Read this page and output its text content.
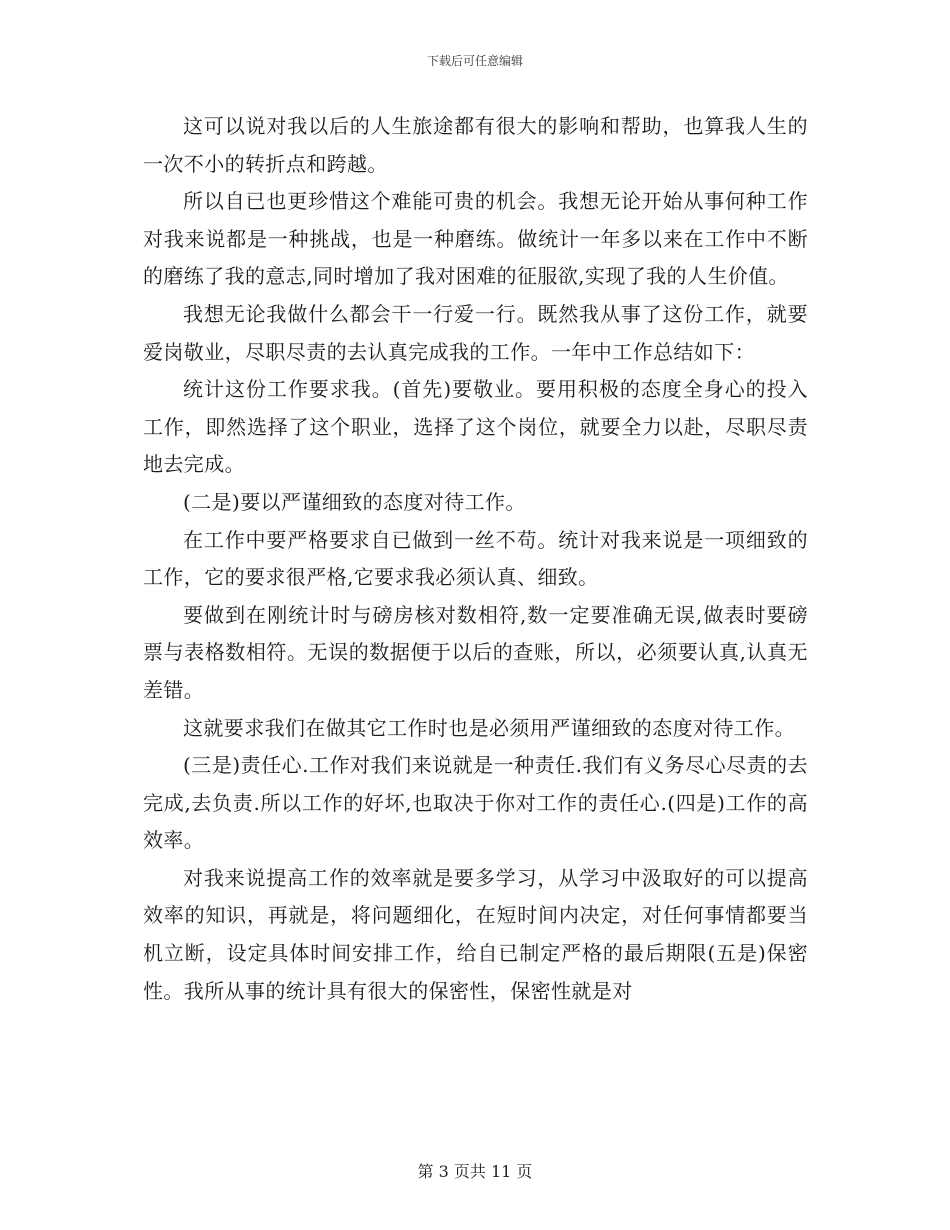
下载后可任意编辑

这可以说对我以后的人生旅途都有很大的影响和帮助，也算我人生的一次不小的转折点和跨越。

所以自已也更珍惜这个难能可贵的机会。我想无论开始从事何种工作对我来说都是一种挑战，也是一种磨练。做统计一年多以来在工作中不断的磨练了我的意志,同时增加了我对困难的征服欲,实现了我的人生价值。

我想无论我做什么都会干一行爱一行。既然我从事了这份工作，就要爱岗敬业，尽职尽责的去认真完成我的工作。一年中工作总结如下：

统计这份工作要求我。(首先)要敬业。要用积极的态度全身心的投入工作，即然选择了这个职业，选择了这个岗位，就要全力以赴，尽职尽责地去完成。

(二是)要以严谨细致的态度对待工作。

在工作中要严格要求自已做到一丝不苟。统计对我来说是一项细致的工作，它的要求很严格,它要求我必须认真、细致。

要做到在刚统计时与磅房核对数相符,数一定要准确无误,做表时要磅票与表格数相符。无误的数据便于以后的查账，所以，必须要认真,认真无差错。

这就要求我们在做其它工作时也是必须用严谨细致的态度对待工作。

(三是)责任心.工作对我们来说就是一种责任.我们有义务尽心尽责的去完成,去负责.所以工作的好坏,也取决于你对工作的责任心.(四是)工作的高效率。

对我来说提高工作的效率就是要多学习，从学习中汲取好的可以提高效率的知识，再就是，将问题细化，在短时间内决定，对任何事情都要当机立断，设定具体时间安排工作，给自已制定严格的最后期限(五是)保密性。我所从事的统计具有很大的保密性，保密性就是对

第 3 页共 11 页
